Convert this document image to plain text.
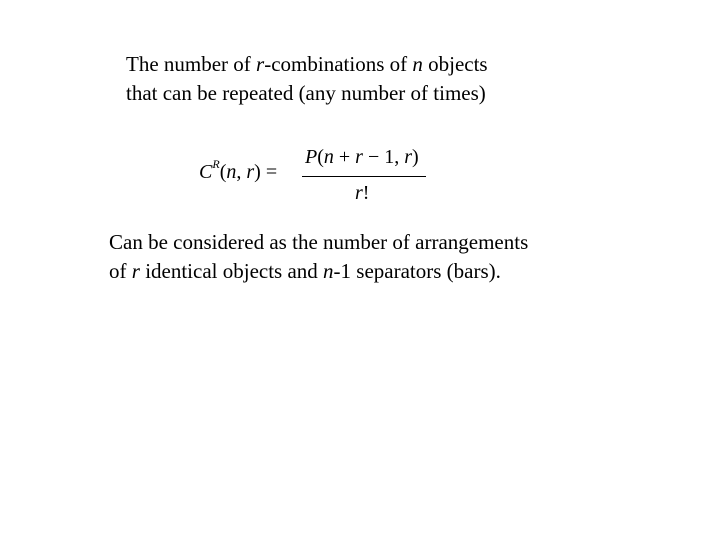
The number of r-combinations of n objects
that can be repeated (any number of times)
$C^R(n$, r) =
P(n + r − 1, r)
r!
Can be considered as the number of arrangements
of r identical objects and n-1 separators (bars).
